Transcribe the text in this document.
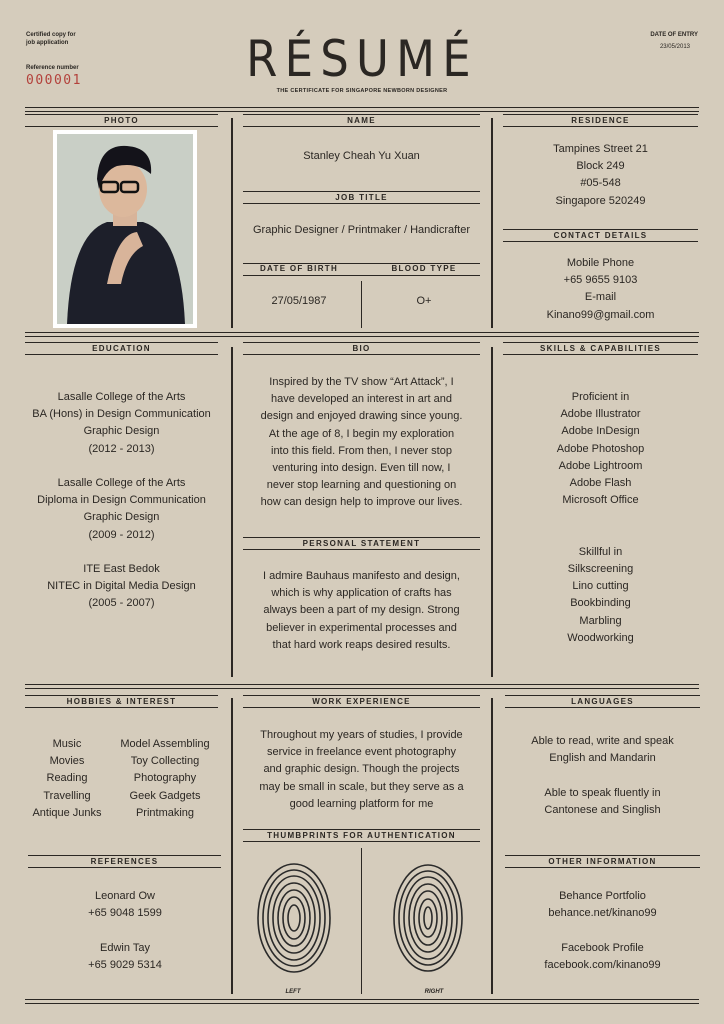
Certified copy for
job application
Reference number
000001	RÉSUMÉ
THE CERTIFICATE FOR SINGAPORE NEWBORN DESIGNER
DATE OF ENTRY
23/05/2013
PHOTO	NAME
Stanley Cheah Yu Xuan
JOB TITLE
Graphic Designer / Printmaker / Handicrafter
DATE OF BIRTH	BLOOD TYPE
27/05/1987	O+
RESIDENCE
Tampines Street 21
Block 249
#05-548
Singapore 520249
CONTACT DETAILS
Mobile Phone
+65 9655 9103
E-mail
Kinano99@gmail.com
EDUCATION
Lasalle College of the Arts
BA (Hons) in Design Communication
Graphic Design
(2012 - 2013)

Lasalle College of the Arts
Diploma in Design Communication
Graphic Design
(2009 - 2012)

ITE East Bedok
NITEC in Digital Media Design
(2005 - 2007)
BIO
Inspired by the TV show “Art Attack”, I
have developed an interest in art and
design and enjoyed drawing since young.
At the age of 8, I begin my exploration
into this field. From then, I never stop
venturing into design. Even till now, I
never stop learning and questioning on
how can design help to improve our lives.
PERSONAL STATEMENT
I admire Bauhaus manifesto and design,
which is why application of crafts has
always been a part of my design. Strong
believer in experimental processes and
that hard work reaps desired results.
SKILLS & CAPABILITIES
Proficient in
Adobe Illustrator
Adobe InDesign
Adobe Photoshop
Adobe Lightroom
Adobe Flash
Microsoft Office

Skillful in
Silkscreening
Lino cutting
Bookbinding
Marbling
Woodworking
HOBBIES & INTEREST
Music
Movies
Reading
Travelling
Antique Junks
Model Assembling
Toy Collecting
Photography
Geek Gadgets
Printmaking
REFERENCES
Leonard Ow
+65 9048 1599

Edwin Tay
+65 9029 5314
WORK EXPERIENCE
Throughout my years of studies, I provide
service in freelance event photography
and graphic design. Though the projects
may be small in scale, but they serve as a
good learning platform for me
THUMBPRINTS FOR AUTHENTICATION
LEFT	RIGHT
LANGUAGES
Able to read, write and speak
English and Mandarin

Able to speak fluently in
Cantonese and Singlish
OTHER INFORMATION
Behance Portfolio
behance.net/kinano99

Facebook Profile
facebook.com/kinano99
